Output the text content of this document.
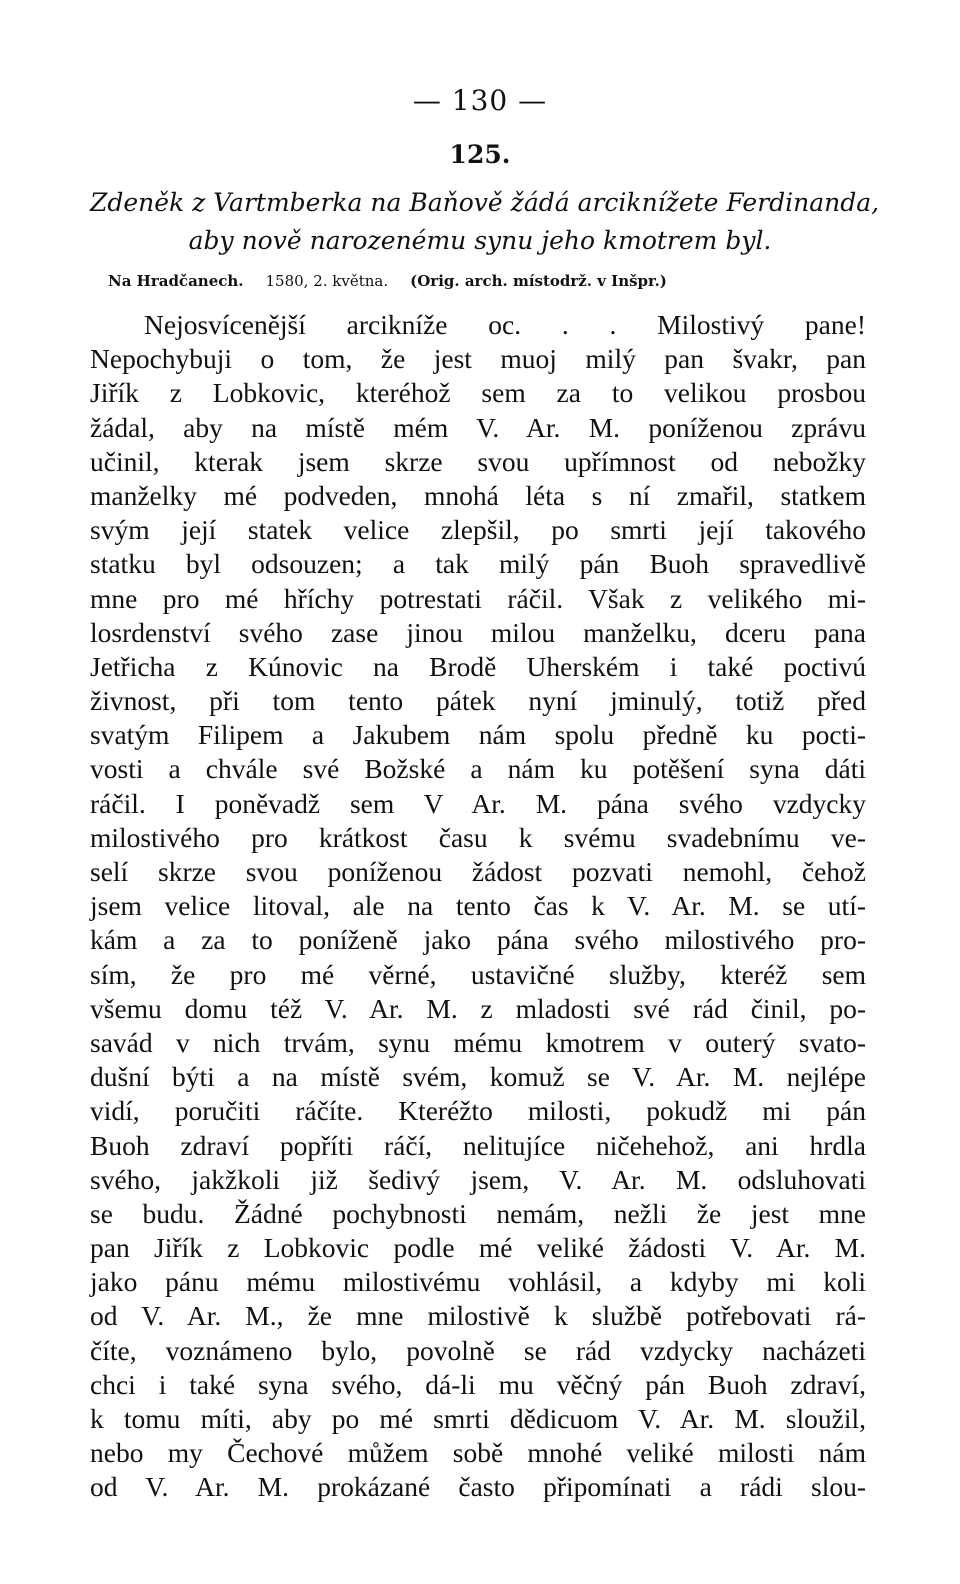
— 130 —
125.
Zdeněk z Vartmberka na Baňově žádá arciknížete Ferdinanda,
aby nově narozenému synu jeho kmotrem byl.
Na Hradčanech. 1580, 2. května. (Orig. arch. místodrž. v Inšpr.)
Nejosvícenější arcikníže oc. . . Milostivý pane!
Nepochybuji o tom, že jest muoj milý pan švakr, pan
Jiřík z Lobkovic, kteréhož sem za to velikou prosbou
žádal, aby na místě mém V. Ar. M. poníženou zprávu
učinil, kterak jsem skrze svou upřímnost od nebožky
manželky mé podveden, mnohá léta s ní zmařil, statkem
svým její statek velice zlepšil, po smrti její takového
statku byl odsouzen; a tak milý pán Buoh spravedlivě
mne pro mé hříchy potrestati ráčil. Však z velikého mi-
losrdenství svého zase jinou milou manželku, dceru pana
Jetřicha z Kúnovic na Brodě Uherském i také poctivú
živnost, při tom tento pátek nyní jminulý, totiž před
svatým Filipem a Jakubem nám spolu předně ku pocti-
vosti a chvále své Božské a nám ku potěšení syna dáti
ráčil. I poněvadž sem V Ar. M. pána svého vzdycky
milostivého pro krátkost času k svému svadebnímu ve-
selí skrze svou poníženou žádost pozvati nemohl, čehož
jsem velice litoval, ale na tento čas k V. Ar. M. se utí-
kám a za to poníženě jako pána svého milostivého pro-
sím, že pro mé věrné, ustavičné služby, kteréž sem
všemu domu též V. Ar. M. z mladosti své rád činil, po-
savád v nich trvám, synu mému kmotrem v outerý svato-
dušní býti a na místě svém, komuž se V. Ar. M. nejlépe
vidí, poručiti ráčíte. Kteréžto milosti, pokudž mi pán
Buoh zdraví popříti ráčí, nelitujíce ničehehož, ani hrdla
svého, jakžkoli již šedivý jsem, V. Ar. M. odsluhovati
se budu. Žádné pochybnosti nemám, nežli že jest mne
pan Jiřík z Lobkovic podle mé veliké žádosti V. Ar. M.
jako pánu mému milostivému vohlásil, a kdyby mi koli
od V. Ar. M., že mne milostivě k službě potřebovati rá-
číte, voznámeno bylo, povolně se rád vzdycky nacházeti
chci i také syna svého, dá-li mu věčný pán Buoh zdraví,
k tomu míti, aby po mé smrti dědicuom V. Ar. M. sloužil,
nebo my Čechové můžem sobě mnohé veliké milosti nám
od V. Ar. M. prokázané často připomínati a rádi slou-
